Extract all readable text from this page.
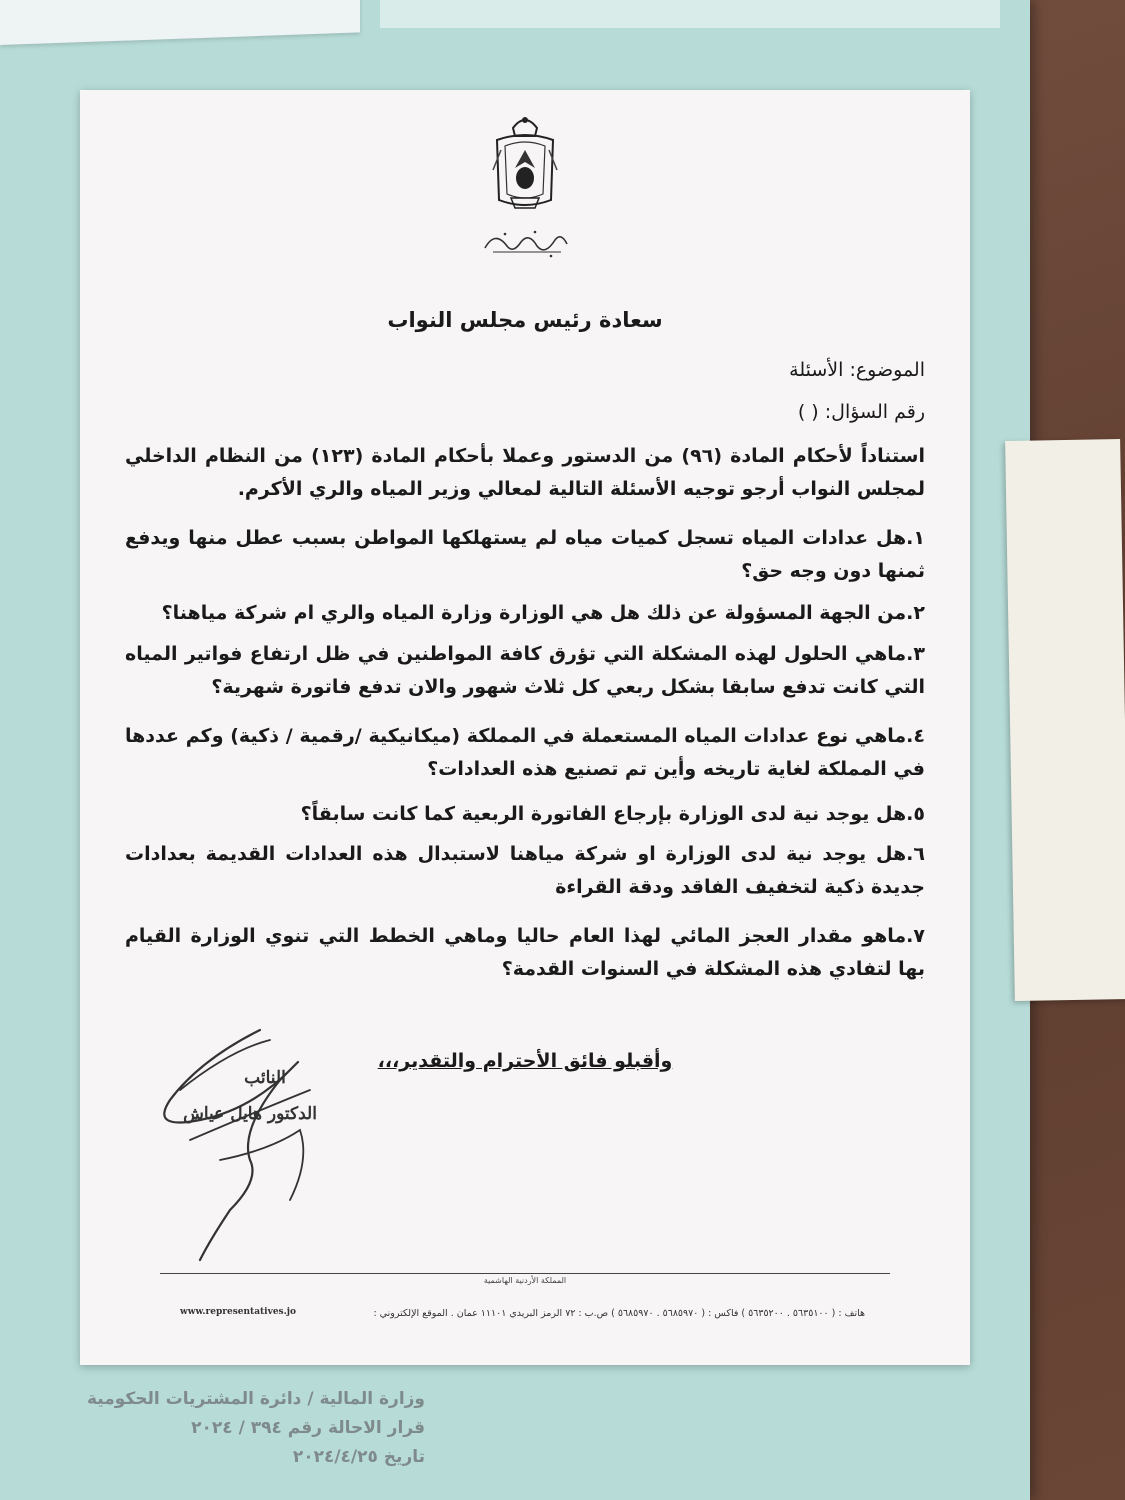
سعادة رئيس مجلس النواب
الموضوع: الأسئلة
رقم السؤال: ( )
استناداً لأحكام المادة (٩٦) من الدستور وعملا بأحكام المادة (١٢٣) من النظام الداخلي لمجلس النواب أرجو توجيه الأسئلة التالية لمعالي وزير المياه والري الأكرم.
١.هل عدادات المياه تسجل كميات مياه لم يستهلكها المواطن بسبب عطل منها ويدفع ثمنها دون وجه حق؟
٢.من الجهة المسؤولة عن ذلك هل هي الوزارة وزارة المياه والري ام شركة مياهنا؟
٣.ماهي الحلول لهذه المشكلة التي تؤرق كافة المواطنين في ظل ارتفاع فواتير المياه التي كانت تدفع سابقا بشكل ربعي كل ثلاث شهور والان تدفع فاتورة شهرية؟
٤.ماهي نوع عدادات المياه المستعملة في المملكة (ميكانيكية /رقمية / ذكية) وكم عددها في المملكة لغاية تاريخه وأين تم تصنيع هذه العدادات؟
٥.هل يوجد نية لدى الوزارة بإرجاع الفاتورة الربعية كما كانت سابقاً؟
٦.هل يوجد نية لدى الوزارة او شركة مياهنا لاستبدال هذه العدادات القديمة بعدادات جديدة ذكية لتخفيف الفاقد ودقة القراءة
٧.ماهو مقدار العجز المائي لهذا العام حاليا وماهي الخطط التي تنوي الوزارة القيام بها لتفادي هذه المشكلة في السنوات القدمة؟
وأقبلو فائق الأحترام والتقدير،،،
النائب
الدكتور هايل عياش
المملكة الأردنية الهاشمية
هاتف : ( ٥٦٣٥١٠٠ . ٥٦٣٥٢٠٠ ) فاكس : ( ٥٦٨٥٩٧٠ . ٥٦٨٥٩٧٠ ) ص.ب : ٧٢ الرمز البريدي ١١١٠١ عمان . الموقع الإلكتروني :
www.representatives.jo
وزارة المالية / دائرة المشتريات الحكومية
قرار الاحالة رقم ٣٩٤ / ٢٠٢٤
تاريخ ٢٠٢٤/٤/٢٥
